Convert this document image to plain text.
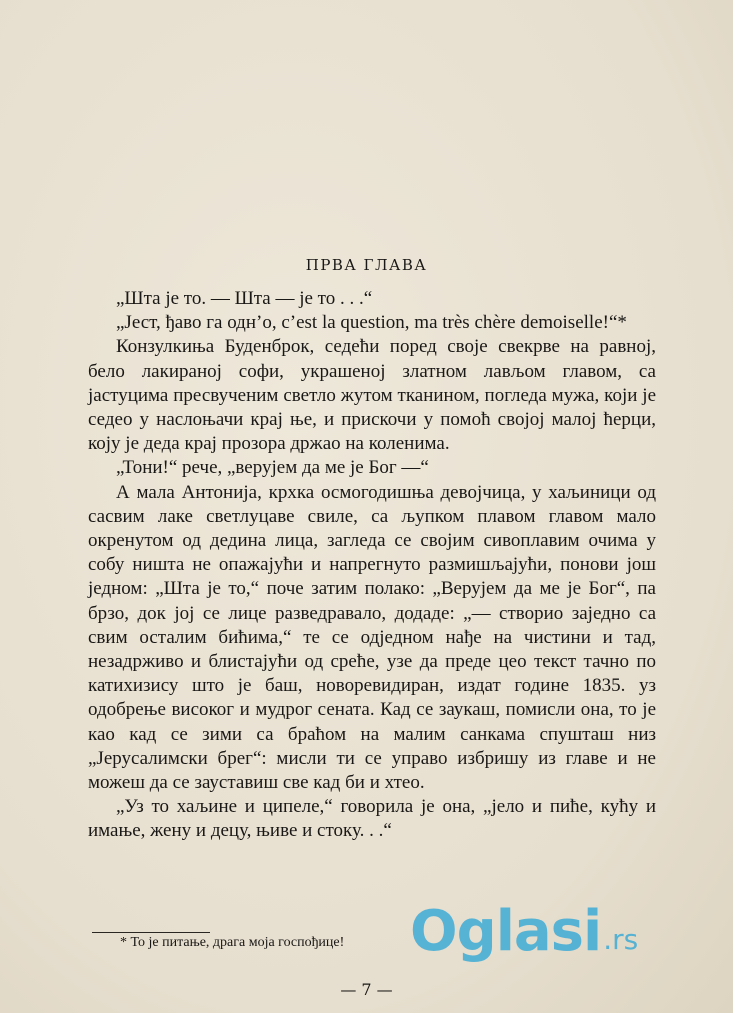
ПРВА ГЛАВА

„Шта је то. — Шта — је то . . .“

„Јест, ђаво га одн’о, c’est la question, ma très chère demoiselle!“*

Конзулкиња Буденброк, седећи поред своје свекрве на равној, бело лакираној софи, украшеној златном лављом главом, са јастуцима пресвученим светло жутом тканином, погледа мужа, који је седео у наслоњачи крај ње, и прискочи у помоћ својој малој ћерци, коју је деда крај прозора држао на коленима.

„Тони!“ рече, „верујем да ме је Бог —“

А мала Антонија, крхка осмогодишња девојчица, у хаљиници од сасвим лаке светлуцаве свиле, са љупком плавом главом мало окренутом од дедина лица, загледа се својим сивоплавим очима у собу ништа не опажајући и напрегнуто размишљајући, понови још једном: „Шта је то,“ поче затим полако: „Верујем да ме је Бог“, па брзо, док јој се лице разведравало, додаде: „— створио заједно са свим осталим бићима,“ те се одједном нађе на чистини и тад, незадрживо и блистајући од среће, узе да преде цео текст тачно по катихизису што је баш, новоревидиран, издат године 1835. уз одобрење високог и мудрог сената. Кад се заукаш, помисли она, то је као кад се зими са браћом на малим санкама спушташ низ „Јерусалимски брег“: мисли ти се управо избришу из главе и не можеш да се зауставиш све кад би и хтео.

„Уз то хаљине и ципеле,“ говорила је она, „јело и пиће, кућу и имање, жену и децу, њиве и стоку. . .“

* То је питање, драга моја госпођице!
— 7 —
Oglasi .rs
